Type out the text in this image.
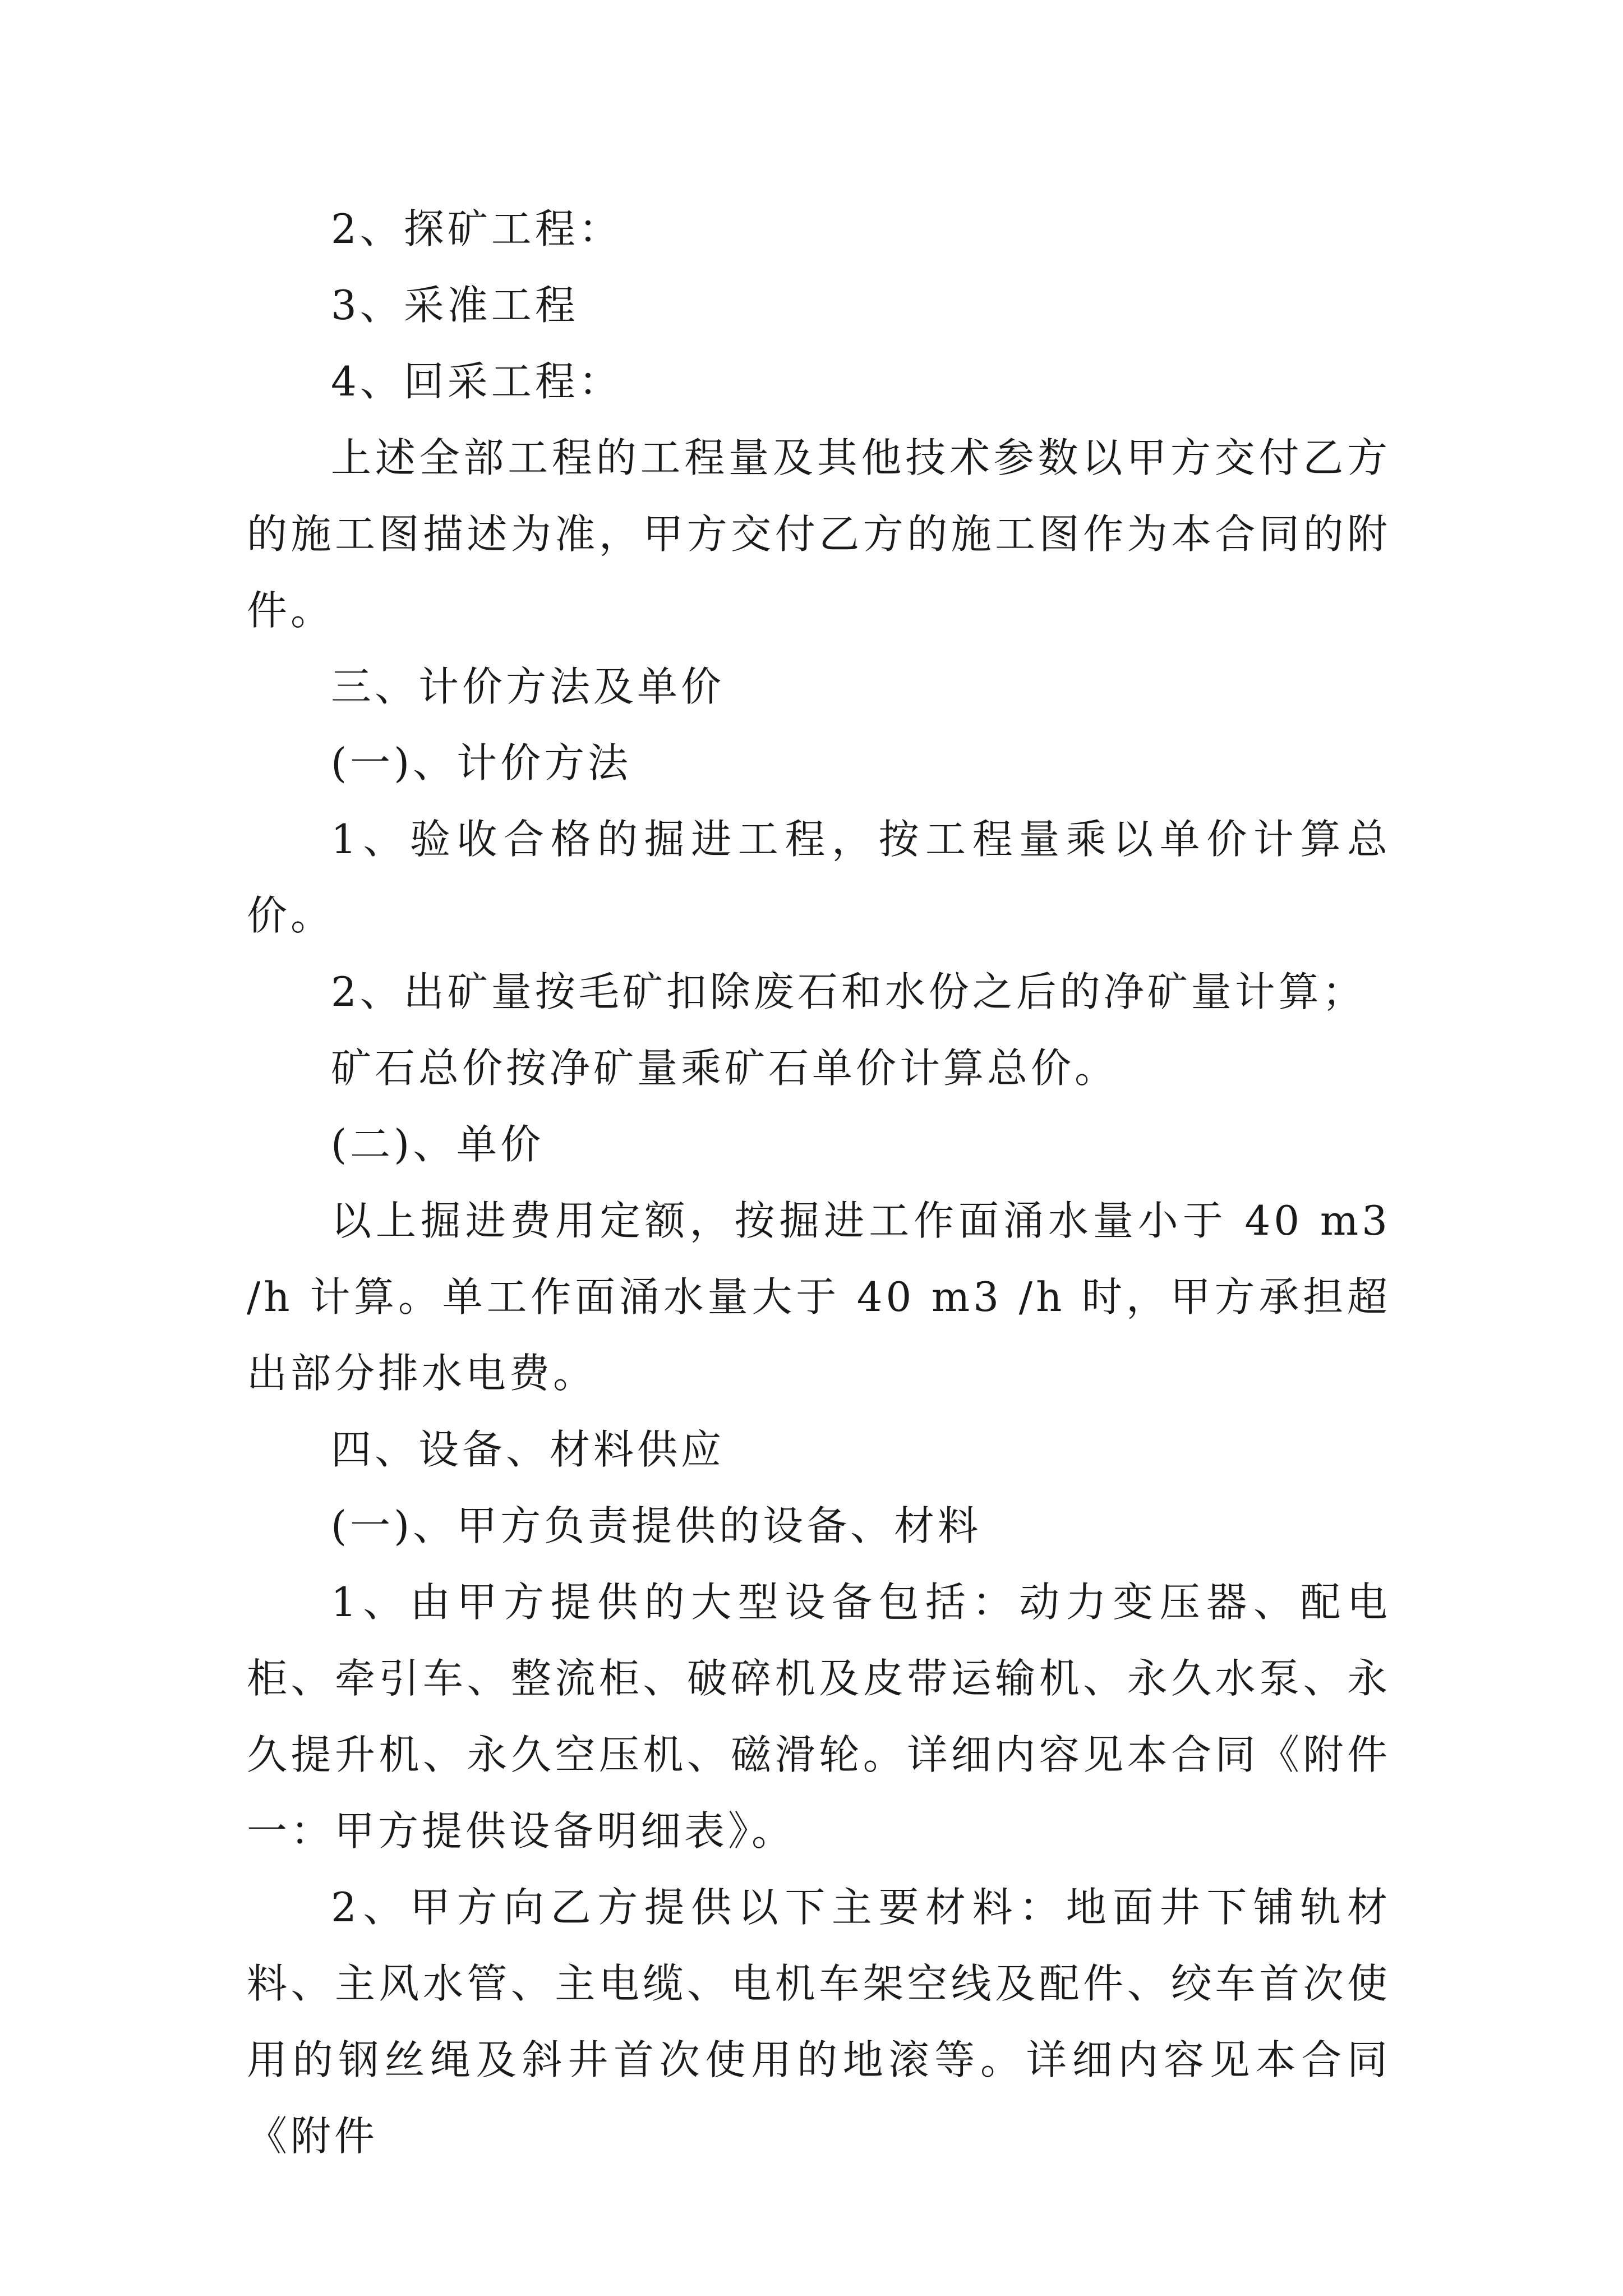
2、探矿工程：

3、采准工程

4、回采工程：

上述全部工程的工程量及其他技术参数以甲方交付乙方的施工图描述为准，甲方交付乙方的施工图作为本合同的附件。

三、计价方法及单价

(一)、计价方法

1、验收合格的掘进工程，按工程量乘以单价计算总价。

2、出矿量按毛矿扣除废石和水份之后的净矿量计算；

矿石总价按净矿量乘矿石单价计算总价。

(二)、单价

以上掘进费用定额，按掘进工作面涌水量小于 40 m3 /h 计算。单工作面涌水量大于 40 m3 /h 时，甲方承担超出部分排水电费。

四、设备、材料供应

(一)、甲方负责提供的设备、材料

1、由甲方提供的大型设备包括：动力变压器、配电柜、牵引车、整流柜、破碎机及皮带运输机、永久水泵、永久提升机、永久空压机、磁滑轮。详细内容见本合同《附件一：甲方提供设备明细表》。

2、甲方向乙方提供以下主要材料：地面井下铺轨材料、主风水管、主电缆、电机车架空线及配件、绞车首次使用的钢丝绳及斜井首次使用的地滚等。详细内容见本合同《附件
